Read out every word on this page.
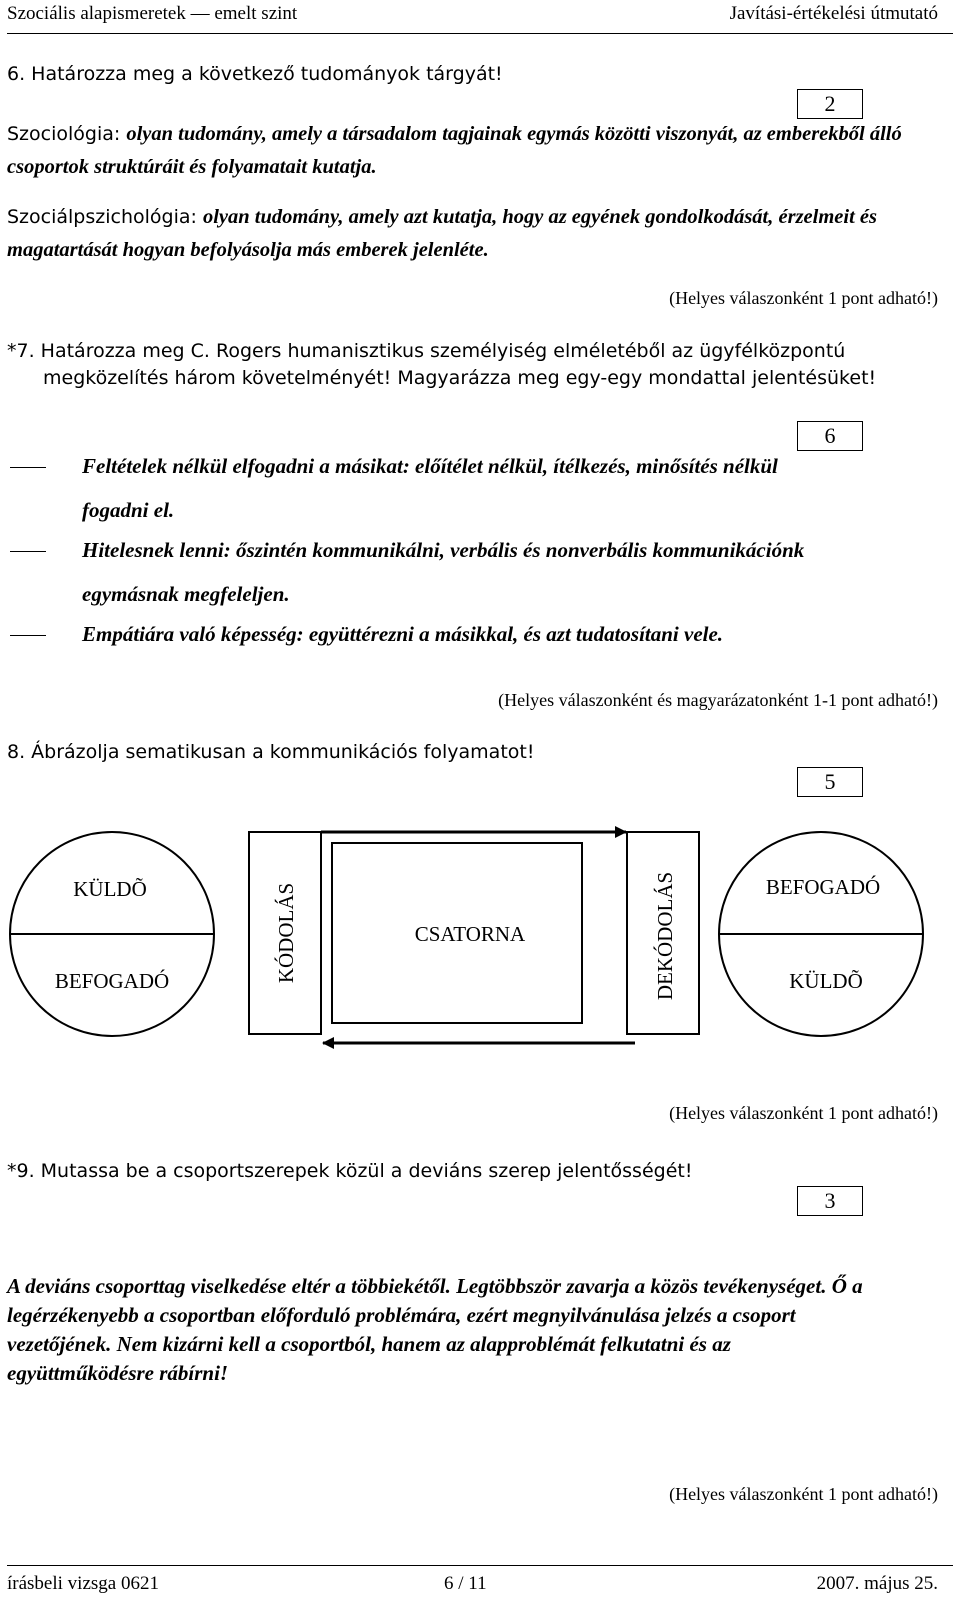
Szociális alapismeretek — emelt szint	Javítási-értékelési útmutató
6. Határozza meg a következő tudományok tárgyát!
2
Szociológia: olyan tudomány, amely a társadalom tagjainak egymás közötti viszonyát, az emberekből álló csoportok struktúráit és folyamatait kutatja.
Szociálpszichológia: olyan tudomány, amely azt kutatja, hogy az egyének gondolkodását, érzelmeit és magatartását hogyan befolyásolja más emberek jelenléte.
(Helyes válaszonként 1 pont adható!)
*7. Határozza meg C. Rogers humanisztikus személyiség elméletéből az ügyfélközpontú
megközelítés három követelményét! Magyarázza meg egy-egy mondattal jelentésüket!
6
Feltételek nélkül elfogadni a másikat: előítélet nélkül, ítélkezés, minősítés nélkül
fogadni el.
Hitelesnek lenni: őszintén kommunikálni, verbális és nonverbális kommunikációnk
egymásnak megfeleljen.
Empátiára való képesség: együttérezni a másikkal, és azt tudatosítani vele.
(Helyes válaszonként és magyarázatonként 1-1 pont adható!)
8. Ábrázolja sematikusan a kommunikációs folyamatot!
5
KÜLDÕ
BEFOGADÓ	KÓDOLÁS	CSATORNA	DEKÓDOLÁS	BEFOGADÓ
KÜLDÕ
(Helyes válaszonként 1 pont adható!)
*9. Mutassa be a csoportszerepek közül a deviáns szerep jelentősségét!
3
A deviáns csoporttag viselkedése eltér a többiekétől. Legtöbbször zavarja a közös tevékenységet. Ő a legérzékenyebb a csoportban előforduló problémára, ezért megnyilvánulása jelzés a csoport vezetőjének. Nem kizárni kell a csoportból, hanem az alapproblémát felkutatni és az együttműködésre rábírni!
(Helyes válaszonként 1 pont adható!)
írásbeli vizsga 0621	6 / 11	2007. május 25.
